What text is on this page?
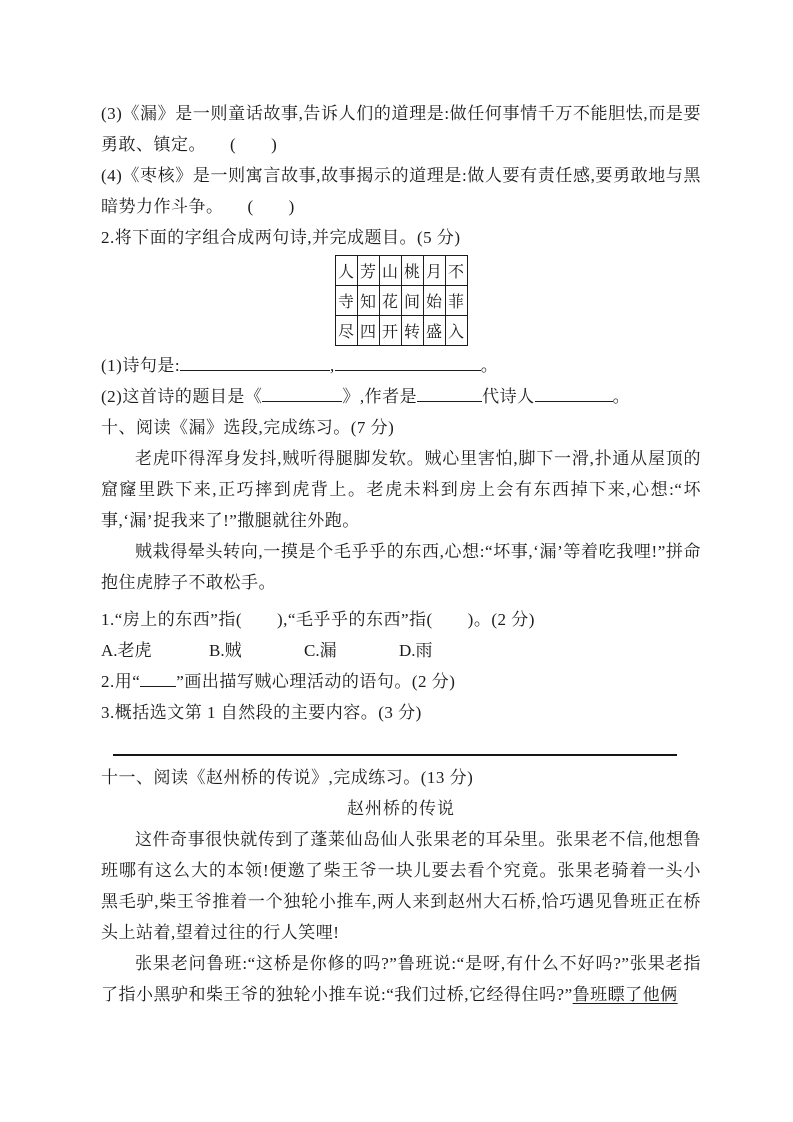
(3)《漏》是一则童话故事,告诉人们的道理是:做任何事情千万不能胆怯,而是要勇敢、镇定。 (　　)
(4)《枣核》是一则寓言故事,故事揭示的道理是:做人要有责任感,要勇敢地与黑暗势力作斗争。 (　　)
2.将下面的字组合成两句诗,并完成题目。(5 分)
人	芳	山	桃	月	不
寺	知	花	间	始	菲
尽	四	开	转	盛	入
(1)诗句是:	,	。
(2)这首诗的题目是《	》,作者是	代诗人	。
十、阅读《漏》选段,完成练习。(7 分)
老虎吓得浑身发抖,贼听得腿脚发软。贼心里害怕,脚下一滑,扑通从屋顶的窟窿里跌下来,正巧摔到虎背上。老虎未料到房上会有东西掉下来,心想:“坏事,‘漏’捉我来了!”撒腿就往外跑。
贼栽得晕头转向,一摸是个毛乎乎的东西,心想:“坏事,‘漏’等着吃我哩!”拼命抱住虎脖子不敢松手。
1.“房上的东西”指(　　),“毛乎乎的东西”指(　　)。(2 分)
A.老虎	B.贼	C.漏	D.雨
2.用“ ”画出描写贼心理活动的语句。(2 分)
3.概括选文第 1 自然段的主要内容。(3 分)
十一、阅读《赵州桥的传说》,完成练习。(13 分)
赵州桥的传说
这件奇事很快就传到了蓬莱仙岛仙人张果老的耳朵里。张果老不信,他想鲁班哪有这么大的本领!便邀了柴王爷一块儿要去看个究竟。张果老骑着一头小黑毛驴,柴王爷推着一个独轮小推车,两人来到赵州大石桥,恰巧遇见鲁班正在桥头上站着,望着过往的行人笑哩!
张果老问鲁班:“这桥是你修的吗?”鲁班说:“是呀,有什么不好吗?”张果老指了指小黑驴和柴王爷的独轮小推车说:“我们过桥,它经得住吗?”鲁班瞟了他俩
